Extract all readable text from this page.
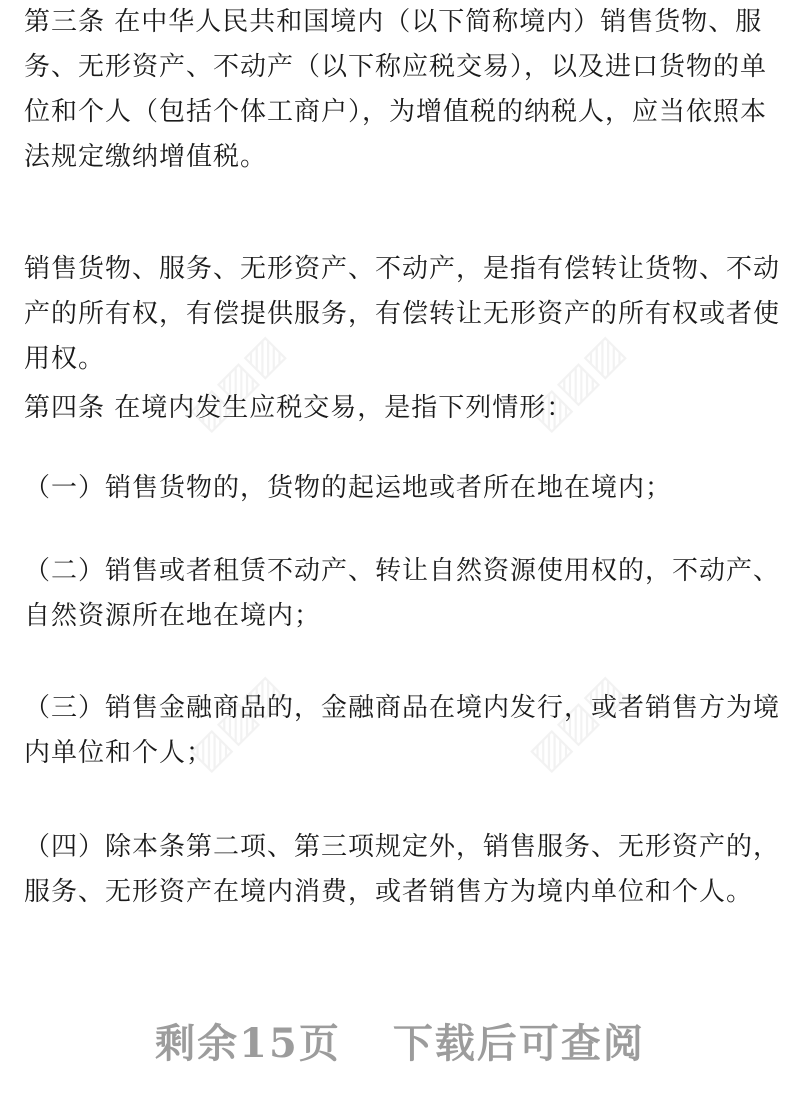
第三条 在中华人民共和国境内（以下简称境内）销售货物、服务、无形资产、不动产（以下称应税交易），以及进口货物的单位和个人（包括个体工商户），为增值税的纳税人，应当依照本法规定缴纳增值税。

销售货物、服务、无形资产、不动产，是指有偿转让货物、不动产的所有权，有偿提供服务，有偿转让无形资产的所有权或者使用权。

第四条 在境内发生应税交易，是指下列情形：

（一）销售货物的，货物的起运地或者所在地在境内；

（二）销售或者租赁不动产、转让自然资源使用权的，不动产、自然资源所在地在境内；

（三）销售金融商品的，金融商品在境内发行，或者销售方为境内单位和个人；

（四）除本条第二项、第三项规定外，销售服务、无形资产的，服务、无形资产在境内消费，或者销售方为境内单位和个人。

▨▨▨	▨▨▨
▨▨▨	▨▨▨
剩余15页 下载后可查阅
